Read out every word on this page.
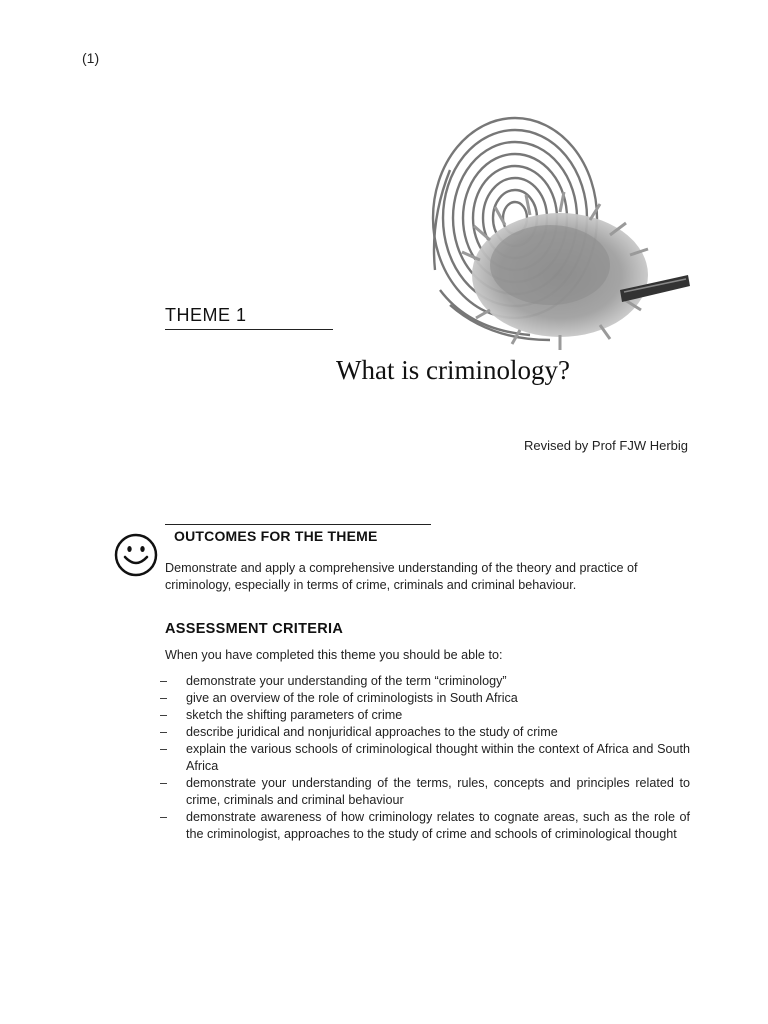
(1)
THEME 1
What is criminology?
Revised by Prof FJW Herbig
OUTCOMES FOR THE THEME
Demonstrate and apply a comprehensive understanding of the theory and practice of criminology, especially in terms of crime, criminals and criminal behaviour.
ASSESSMENT CRITERIA
When you have completed this theme you should be able to:
– demonstrate your understanding of the term “criminology”
– give an overview of the role of criminologists in South Africa
– sketch the shifting parameters of crime
– describe juridical and nonjuridical approaches to the study of crime
– explain the various schools of criminological thought within the context of Africa and South Africa
– demonstrate your understanding of the terms, rules, concepts and principles related to crime, criminals and criminal behaviour
– demonstrate awareness of how criminology relates to cognate areas, such as the role of the criminologist, approaches to the study of crime and schools of criminological thought
